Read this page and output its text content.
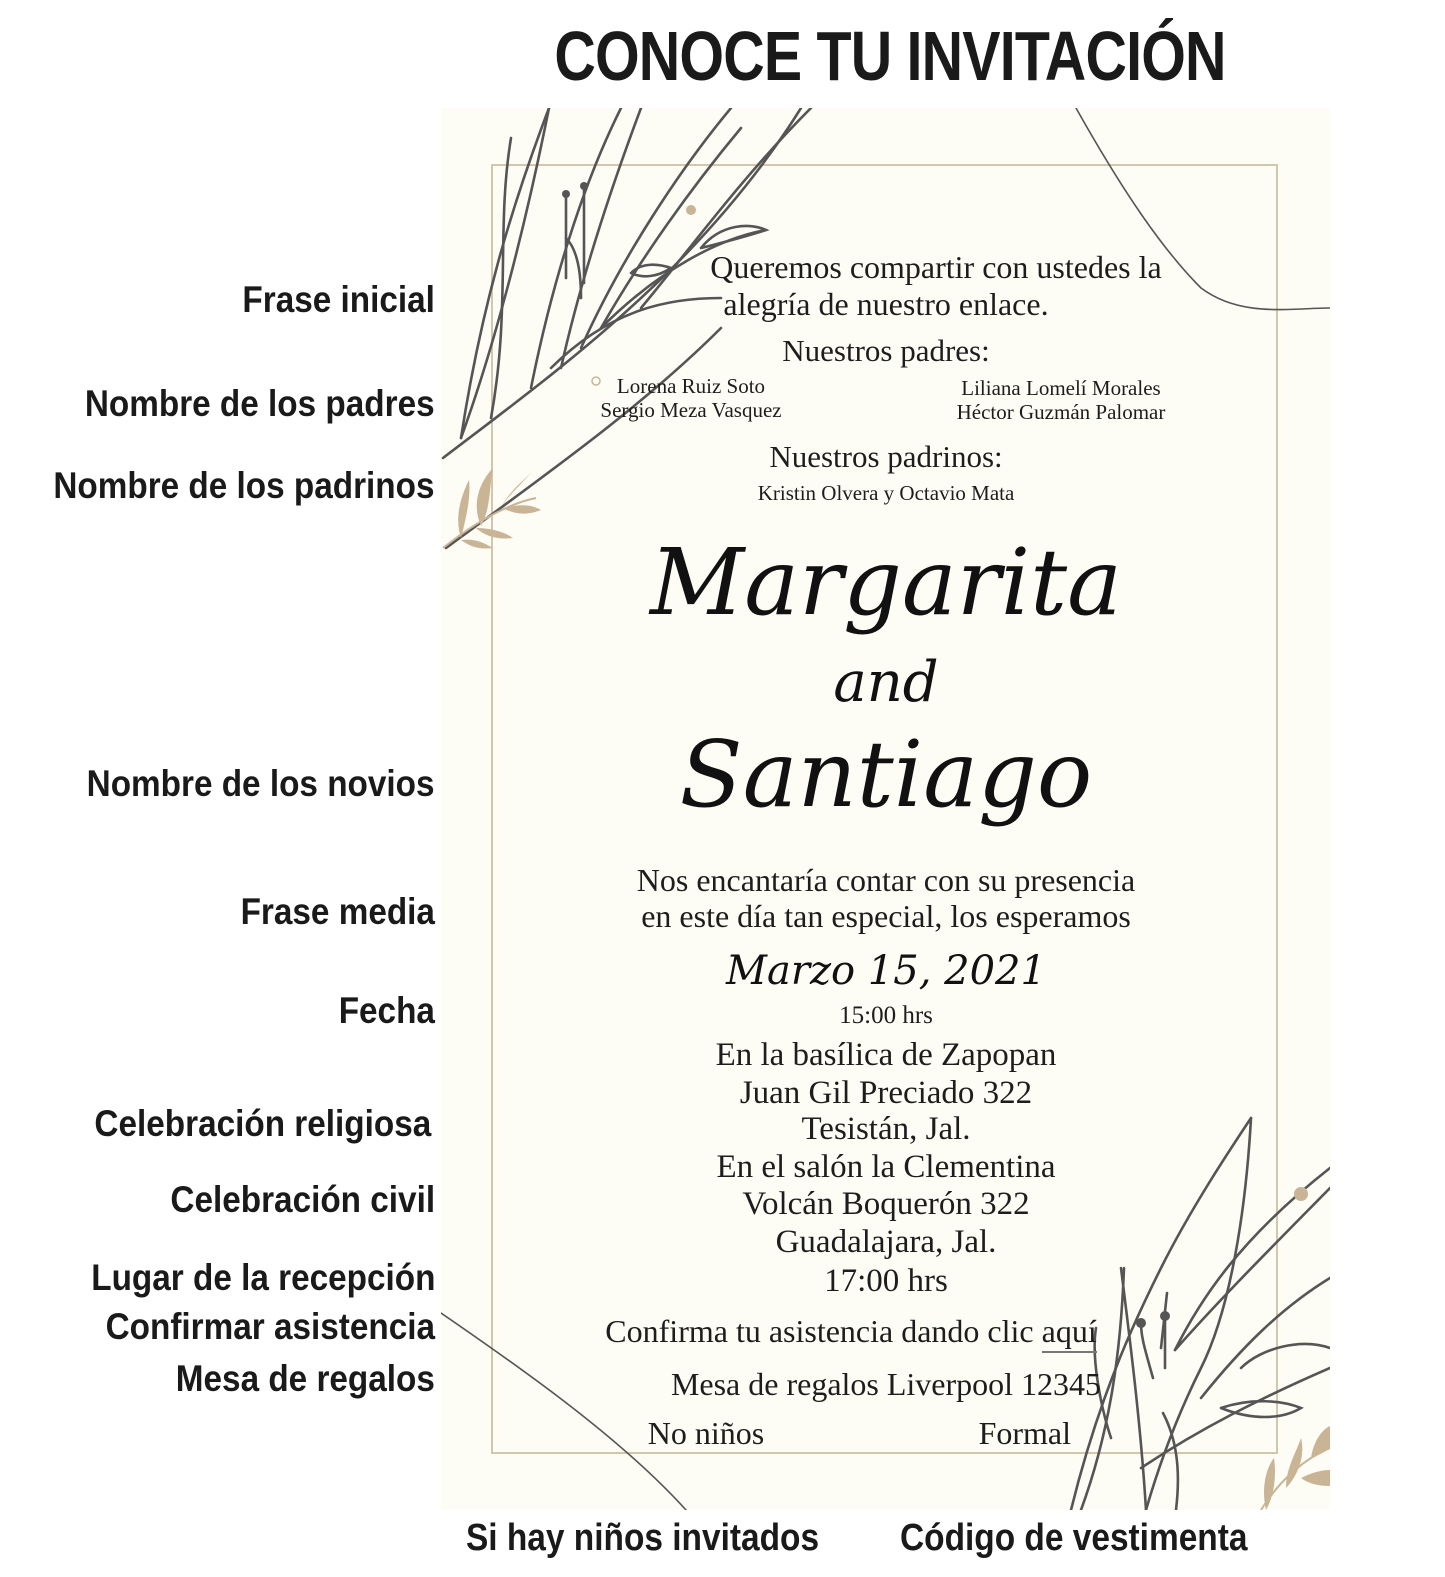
CONOCE TU INVITACIÓN
Frase inicial
Nombre de los padres
Nombre de los padrinos
Nombre de los novios
Frase media
Fecha
Celebración religiosa
Celebración civil
Lugar de la recepción
Confirmar asistencia
Mesa de regalos
Queremos compartir con ustedes la
alegría de nuestro enlace.
Nuestros padres:
Lorena Ruiz Soto
Sergio Meza Vasquez
Liliana Lomelí Morales
Héctor Guzmán Palomar
Nuestros padrinos:
Kristin Olvera y Octavio Mata
Margarita
and
Santiago
Nos encantaría contar con su presencia
en este día tan especial, los esperamos
Marzo 15, 2021
15:00 hrs
En la basílica de Zapopan
Juan Gil Preciado 322
Tesistán, Jal.
En el salón la Clementina
Volcán Boquerón 322
Guadalajara, Jal.
17:00 hrs
Confirma tu asistencia dando clic aquí
Mesa de regalos Liverpool 12345
No niños	Formal
Si hay niños invitados Código de vestimenta
